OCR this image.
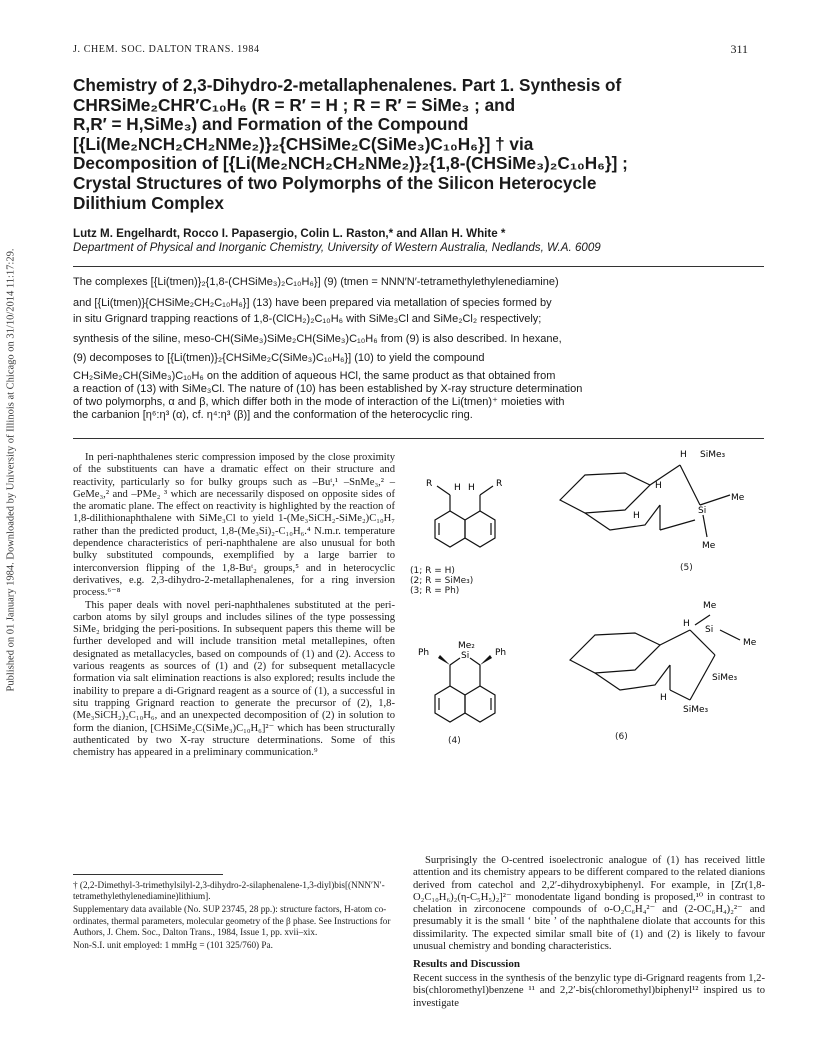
Published on 01 January 1984. Downloaded by University of Illinois at Chicago on 31/10/2014 11:17:29.
J. CHEM. SOC. DALTON TRANS. 1984	311
Chemistry of 2,3-Dihydro-2-metallaphenalenes. Part 1. Synthesis of
CHRSiMe₂CHR′C₁₀H₆ (R = R′ = H ; R = R′ = SiMe₃ ; and
R,R′ = H,SiMe₃) and Formation of the Compound
[{Li(Me₂NCH₂CH₂NMe₂)}₂{CHSiMe₂C(SiMe₃)C₁₀H₆}] † via
Decomposition of [{Li(Me₂NCH₂CH₂NMe₂)}₂{1,8-(CHSiMe₃)₂C₁₀H₆}] ;
Crystal Structures of two Polymorphs of the Silicon Heterocycle
Dilithium Complex
Lutz M. Engelhardt, Rocco I. Papasergio, Colin L. Raston,* and Allan H. White *
Department of Physical and Inorganic Chemistry, University of Western Australia, Nedlands, W.A. 6009
The complexes [{Li(tmen)}₂{1,8-(CHSiMe₃)₂C₁₀H₆}] (9) (tmen = NNN′N′-tetramethylethylenediamine)
and [{Li(tmen)}{CHSiMe₂CH₂C₁₀H₆}] (13) have been prepared via metallation of species formed by
in situ Grignard trapping reactions of 1,8-(ClCH₂)₂C₁₀H₆ with SiMe₃Cl and SiMe₂Cl₂ respectively;
synthesis of the siline, meso-CH(SiMe₃)SiMe₂CH(SiMe₃)C₁₀H₆ from (9) is also described. In hexane,
(9) decomposes to [{Li(tmen)}₂{CHSiMe₂C(SiMe₃)C₁₀H₆}] (10) to yield the compound
CH₂SiMe₂CH(SiMe₃)C₁₀H₆ on the addition of aqueous HCl, the same product as that obtained from
a reaction of (13) with SiMe₃Cl. The nature of (10) has been established by X-ray structure determination
of two polymorphs, α and β, which differ both in the mode of interaction of the Li(tmen)⁺ moieties with
the carbanion [η⁶:η³ (α), cf. η⁴:η³ (β)] and the conformation of the heterocyclic ring.

In peri-naphthalenes steric compression imposed by the close proximity of the substituents can have a dramatic effect on their structure and reactivity, particularly so for bulky groups such as –Buᵗ,¹ –SnMe₃,² –GeMe₃,² and –PMe₂ ³ which are necessarily disposed on opposite sides of the aromatic plane. The effect on reactivity is highlighted by the reaction of 1,8-dilithionaphthalene with SiMe₃Cl to yield 1-(Me₃SiCH₂-SiMe₂)C₁₀H₇ rather than the predicted product, 1,8-(Me₃Si)₂-C₁₀H₆.⁴ N.m.r. temperature dependence characteristics of peri-naphthalene are also unusual for both bulky substituted compounds, exemplified by a large barrier to interconversion flipping of the 1,8-Buᵗ₂ groups,⁵ and in heterocyclic derivatives, e.g. 2,3-dihydro-2-metallaphenalenes, for a ring inversion process.⁶⁻⁸

This paper deals with novel peri-naphthalenes substituted at the peri-carbon atoms by silyl groups and includes silines of the type possessing SiMe₂ bridging the peri-positions. In subsequent papers this theme will be further developed and will include transition metal metallepines, often designated as metallacycles, based on compounds of (1) and (2). Access to various reagents as sources of (1) and (2) for subsequent metallacycle formation via salt elimination reactions is also explored; results include the inability to prepare a di-Grignard reagent as a source of (1), a successful in situ trapping Grignard reaction to generate the precursor of (2), 1,8-(Me₃SiCH₂)₂C₁₀H₆, and an unexpected decomposition of (2) in solution to form the dianion, [CHSiMe₂C(SiMe₃)C₁₀H₆]²⁻ which has been structurally authenticated by two X-ray structure determinations. Some of this chemistry has appeared in a preliminary communication.⁹

† (2,2-Dimethyl-3-trimethylsilyl-2,3-dihydro-2-silaphenalene-1,3-diyl)bis[(NNN′N′-tetramethylethylenediamine)lithium].

Supplementary data available (No. SUP 23745, 28 pp.): structure factors, H-atom co-ordinates, thermal parameters, molecular geometry of the β phase. See Instructions for Authors, J. Chem. Soc., Dalton Trans., 1984, Issue 1, pp. xvii–xix.

Non-S.I. unit employed: 1 mmHg = (101 325/760) Pa.

R H H R
(1; R = H)
(2; R = SiMe₃)
(3; R = Ph)
H SiMe₃
H
H	Si
Me
Me
(5)
Ph
Me₂
Si	Ph
(4)
Me
H
Si
Me
SiMe₃
H
SiMe₃
(6)

Surprisingly the O-centred isoelectronic analogue of (1) has received little attention and its chemistry appears to be different compared to the related dianions derived from catechol and 2,2′-dihydroxybiphenyl. For example, in [Zr(1,8-O₂C₁₀H₆)₂(η-C₅H₅)₂]²⁻ monodentate ligand bonding is proposed,¹⁰ in contrast to chelation in zirconocene compounds of o-O₂C₆H₄²⁻ and (2-OC₆H₄)₂²⁻ and presumably it is the small ‘ bite ’ of the naphthalene diolate that accounts for this dissimilarity. The expected similar small bite of (1) and (2) is likely to favour unusual chemistry and bonding characteristics.

Results and Discussion

Recent success in the synthesis of the benzylic type di-Grignard reagents from 1,2-bis(chloromethyl)benzene ¹¹ and 2,2′-bis(chloromethyl)biphenyl¹² inspired us to investigate
